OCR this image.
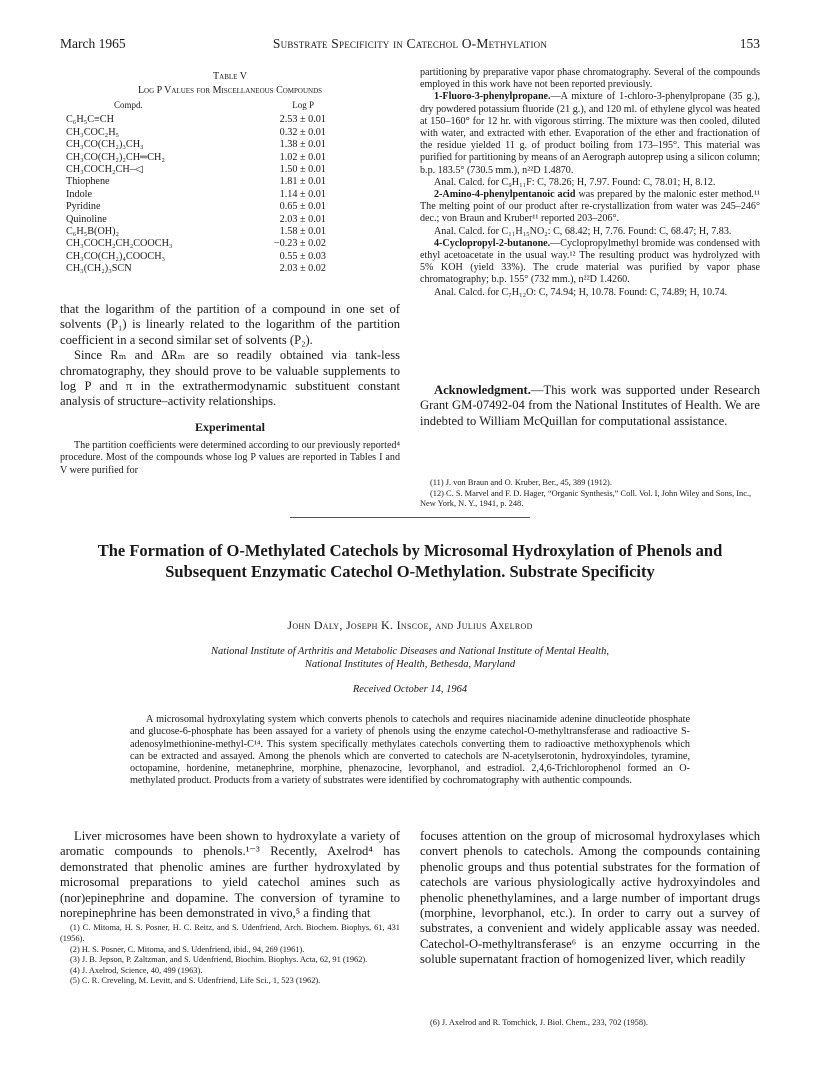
March 1965	Substrate Specificity in Catechol O-Methylation	153
Table V
Log P Values for Miscellaneous Compounds
Compd.	Log P
C₆H₅C≡CH	2.53 ± 0.01
CH₃COC₂H₅	0.32 ± 0.01
CH₃CO(CH₂)₃CH₃	1.38 ± 0.01
CH₃CO(CH₂)₂CH═CH₂	1.02 ± 0.01
CH₃COCH₂CH–◁	1.50 ± 0.01
Thiophene	1.81 ± 0.01
Indole	1.14 ± 0.01
Pyridine	0.65 ± 0.01
Quinoline	2.03 ± 0.01
C₆H₅B(OH)₂	1.58 ± 0.01
CH₃COCH₂CH₂COOCH₃	−0.23 ± 0.02
CH₃CO(CH₂)₄COOCH₃	0.55 ± 0.03
CH₃(CH₂)₃SCN	2.03 ± 0.02

that the logarithm of the partition of a compound in one set of solvents (P₁) is linearly related to the logarithm of the partition coefficient in a second similar set of solvents (P₂).

Since Rₘ and ΔRₘ are so readily obtained via tank-less chromatography, they should prove to be valuable supplements to log P and π in the extrathermodynamic substituent constant analysis of structure–activity relationships.

Experimental

The partition coefficients were determined according to our previously reported⁴ procedure. Most of the compounds whose log P values are reported in Tables I and V were purified for

partitioning by preparative vapor phase chromatography. Several of the compounds employed in this work have not been reported previously.

1-Fluoro-3-phenylpropane.—A mixture of 1-chloro-3-phenylpropane (35 g.), dry powdered potassium fluoride (21 g.), and 120 ml. of ethylene glycol was heated at 150–160° for 12 hr. with vigorous stirring. The mixture was then cooled, diluted with water, and extracted with ether. Evaporation of the ether and fractionation of the residue yielded 11 g. of product boiling from 173–195°. This material was purified for partitioning by means of an Aerograph autoprep using a silicon column; b.p. 183.5° (730.5 mm.), n²²D 1.4870.

Anal. Calcd. for C₉H₁₁F: C, 78.26; H, 7.97. Found: C, 78.01; H, 8.12.

2-Amino-4-phenylpentanoic acid was prepared by the malonic ester method.¹¹ The melting point of our product after re-crystallization from water was 245–246° dec.; von Braun and Kruber¹¹ reported 203–206°.

Anal. Calcd. for C₁₁H₁₅NO₂: C, 68.42; H, 7.76. Found: C, 68.47; H, 7.83.

4-Cyclopropyl-2-butanone.—Cyclopropylmethyl bromide was condensed with ethyl acetoacetate in the usual way.¹² The resulting product was hydrolyzed with 5% KOH (yield 33%). The crude material was purified by vapor phase chromatography; b.p. 155° (732 mm.), n²²D 1.4260.

Anal. Calcd. for C₇H₁₂O: C, 74.94; H, 10.78. Found: C, 74.89; H, 10.74.

Acknowledgment.—This work was supported under Research Grant GM-07492-04 from the National Institutes of Health. We are indebted to William McQuillan for computational assistance.

(11) J. von Braun and O. Kruber, Ber., 45, 389 (1912).

(12) C. S. Marvel and F. D. Hager, “Organic Synthesis,” Coll. Vol. I, John Wiley and Sons, Inc., New York, N. Y., 1941, p. 248.

The Formation of O-Methylated Catechols by Microsomal Hydroxylation of Phenols and Subsequent Enzymatic Catechol O-Methylation. Substrate Specificity
John Daly, Joseph K. Inscoe, and Julius Axelrod
National Institute of Arthritis and Metabolic Diseases and National Institute of Mental Health,
National Institutes of Health, Bethesda, Maryland
Received October 14, 1964
A microsomal hydroxylating system which converts phenols to catechols and requires niacinamide adenine dinucleotide phosphate and glucose-6-phosphate has been assayed for a variety of phenols using the enzyme catechol-O-methyltransferase and radioactive S-adenosylmethionine-methyl-C¹⁴. This system specifically methylates catechols converting them to radioactive methoxyphenols which can be extracted and assayed. Among the phenols which are converted to catechols are N-acetylserotonin, hydroxyindoles, tyramine, octopamine, hordenine, metanephrine, morphine, phenazocine, levorphanol, and estradiol. 2,4,6-Trichlorophenol formed an O-methylated product. Products from a variety of substrates were identified by cochromatography with authentic compounds.

Liver microsomes have been shown to hydroxylate a variety of aromatic compounds to phenols.¹⁻³ Recently, Axelrod⁴ has demonstrated that phenolic amines are further hydroxylated by microsomal preparations to yield catechol amines such as (nor)epinephrine and dopamine. The conversion of tyramine to norepinephrine has been demonstrated in vivo,⁵ a finding that

(1) C. Mitoma, H. S. Posner, H. C. Reitz, and S. Udenfriend, Arch. Biochem. Biophys, 61, 431 (1956).

(2) H. S. Posner, C. Mitoma, and S. Udenfriend, ibid., 94, 269 (1961).

(3) J. B. Jepson, P. Zaltzman, and S. Udenfriend, Biochim. Biophys. Acta, 62, 91 (1962).

(4) J. Axelrod, Science, 40, 499 (1963).

(5) C. R. Creveling, M. Levitt, and S. Udenfriend, Life Sci., 1, 523 (1962).

focuses attention on the group of microsomal hydroxylases which convert phenols to catechols. Among the compounds containing phenolic groups and thus potential substrates for the formation of catechols are various physiologically active hydroxyindoles and phenolic phenethylamines, and a large number of important drugs (morphine, levorphanol, etc.). In order to carry out a survey of substrates, a convenient and widely applicable assay was needed. Catechol-O-methyltransferase⁶ is an enzyme occurring in the soluble supernatant fraction of homogenized liver, which readily

(6) J. Axelrod and R. Tomchick, J. Biol. Chem., 233, 702 (1958).
